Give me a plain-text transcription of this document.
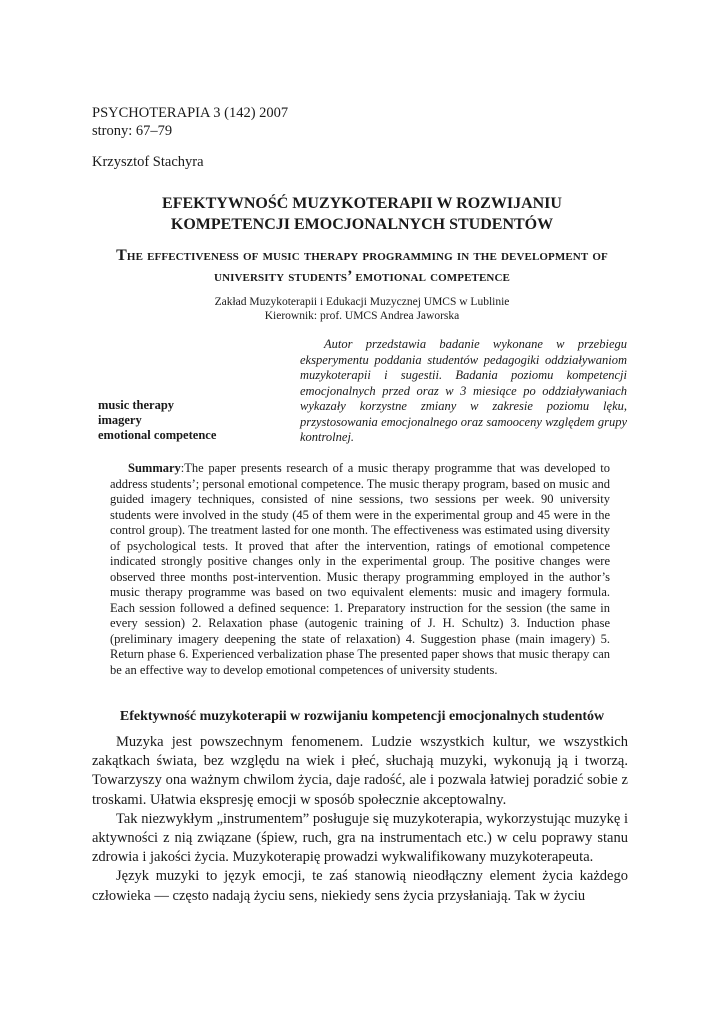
PSYCHOTERAPIA 3 (142) 2007
strony: 67–79
Krzysztof Stachyra
EFEKTYWNOŚĆ MUZYKOTERAPII W ROZWIJANIU
KOMPETENCJI EMOCJONALNYCH STUDENTÓW
The effectiveness of music therapy programming in the development of
university students’ emotional competence
Zakład Muzykoterapii i Edukacji Muzycznej UMCS w Lublinie
Kierownik: prof. UMCS Andrea Jaworska
music therapy
imagery
emotional competence
Autor przedstawia badanie wykonane w przebiegu eksperymentu poddania studentów pedagogiki oddziaływaniom muzykoterapii i sugestii. Badania poziomu kompetencji emocjonalnych przed oraz w 3 miesiące po oddziaływaniach wykazały korzystne zmiany w zakresie poziomu lęku, przystosowania emocjonalnego oraz samooceny względem grupy kontrolnej.
Summary:The paper presents research of a music therapy programme that was developed to address students’; personal emotional competence. The music therapy program, based on music and guided imagery techniques, consisted of nine sessions, two sessions per week. 90 university students were involved in the study (45 of them were in the experimental group and 45 were in the control group). The treatment lasted for one month. The effectiveness was estimated using diversity of psychological tests. It proved that after the intervention, ratings of emotional competence indicated strongly positive changes only in the experimental group. The positive changes were observed three months post-intervention. Music therapy programming employed in the author’s music therapy programme was based on two equivalent elements: music and imagery formula. Each session followed a defined sequence: 1. Preparatory instruction for the session (the same in every session) 2. Relaxation phase (autogenic training of J. H. Schultz) 3. Induction phase (preliminary imagery deepening the state of relaxation) 4. Suggestion phase (main imagery) 5. Return phase 6. Experienced verbalization phase The presented paper shows that music therapy can be an effective way to develop emotional competences of university students.
Efektywność muzykoterapii w rozwijaniu kompetencji emocjonalnych studentów

Muzyka jest powszechnym fenomenem. Ludzie wszystkich kultur, we wszystkich zakątkach świata, bez względu na wiek i płeć, słuchają muzyki, wykonują ją i tworzą. Towarzyszy ona ważnym chwilom życia, daje radość, ale i pozwala łatwiej poradzić sobie z troskami. Ułatwia ekspresję emocji w sposób społecznie akceptowalny.

Tak niezwykłym „instrumentem” posługuje się muzykoterapia, wykorzystując muzykę i aktywności z nią związane (śpiew, ruch, gra na instrumentach etc.) w celu poprawy stanu zdrowia i jakości życia. Muzykoterapię prowadzi wykwalifikowany muzykoterapeuta.

Język muzyki to język emocji, te zaś stanowią nieodłączny element życia każdego człowieka — często nadają życiu sens, niekiedy sens życia przysłaniają. Tak w życiu
